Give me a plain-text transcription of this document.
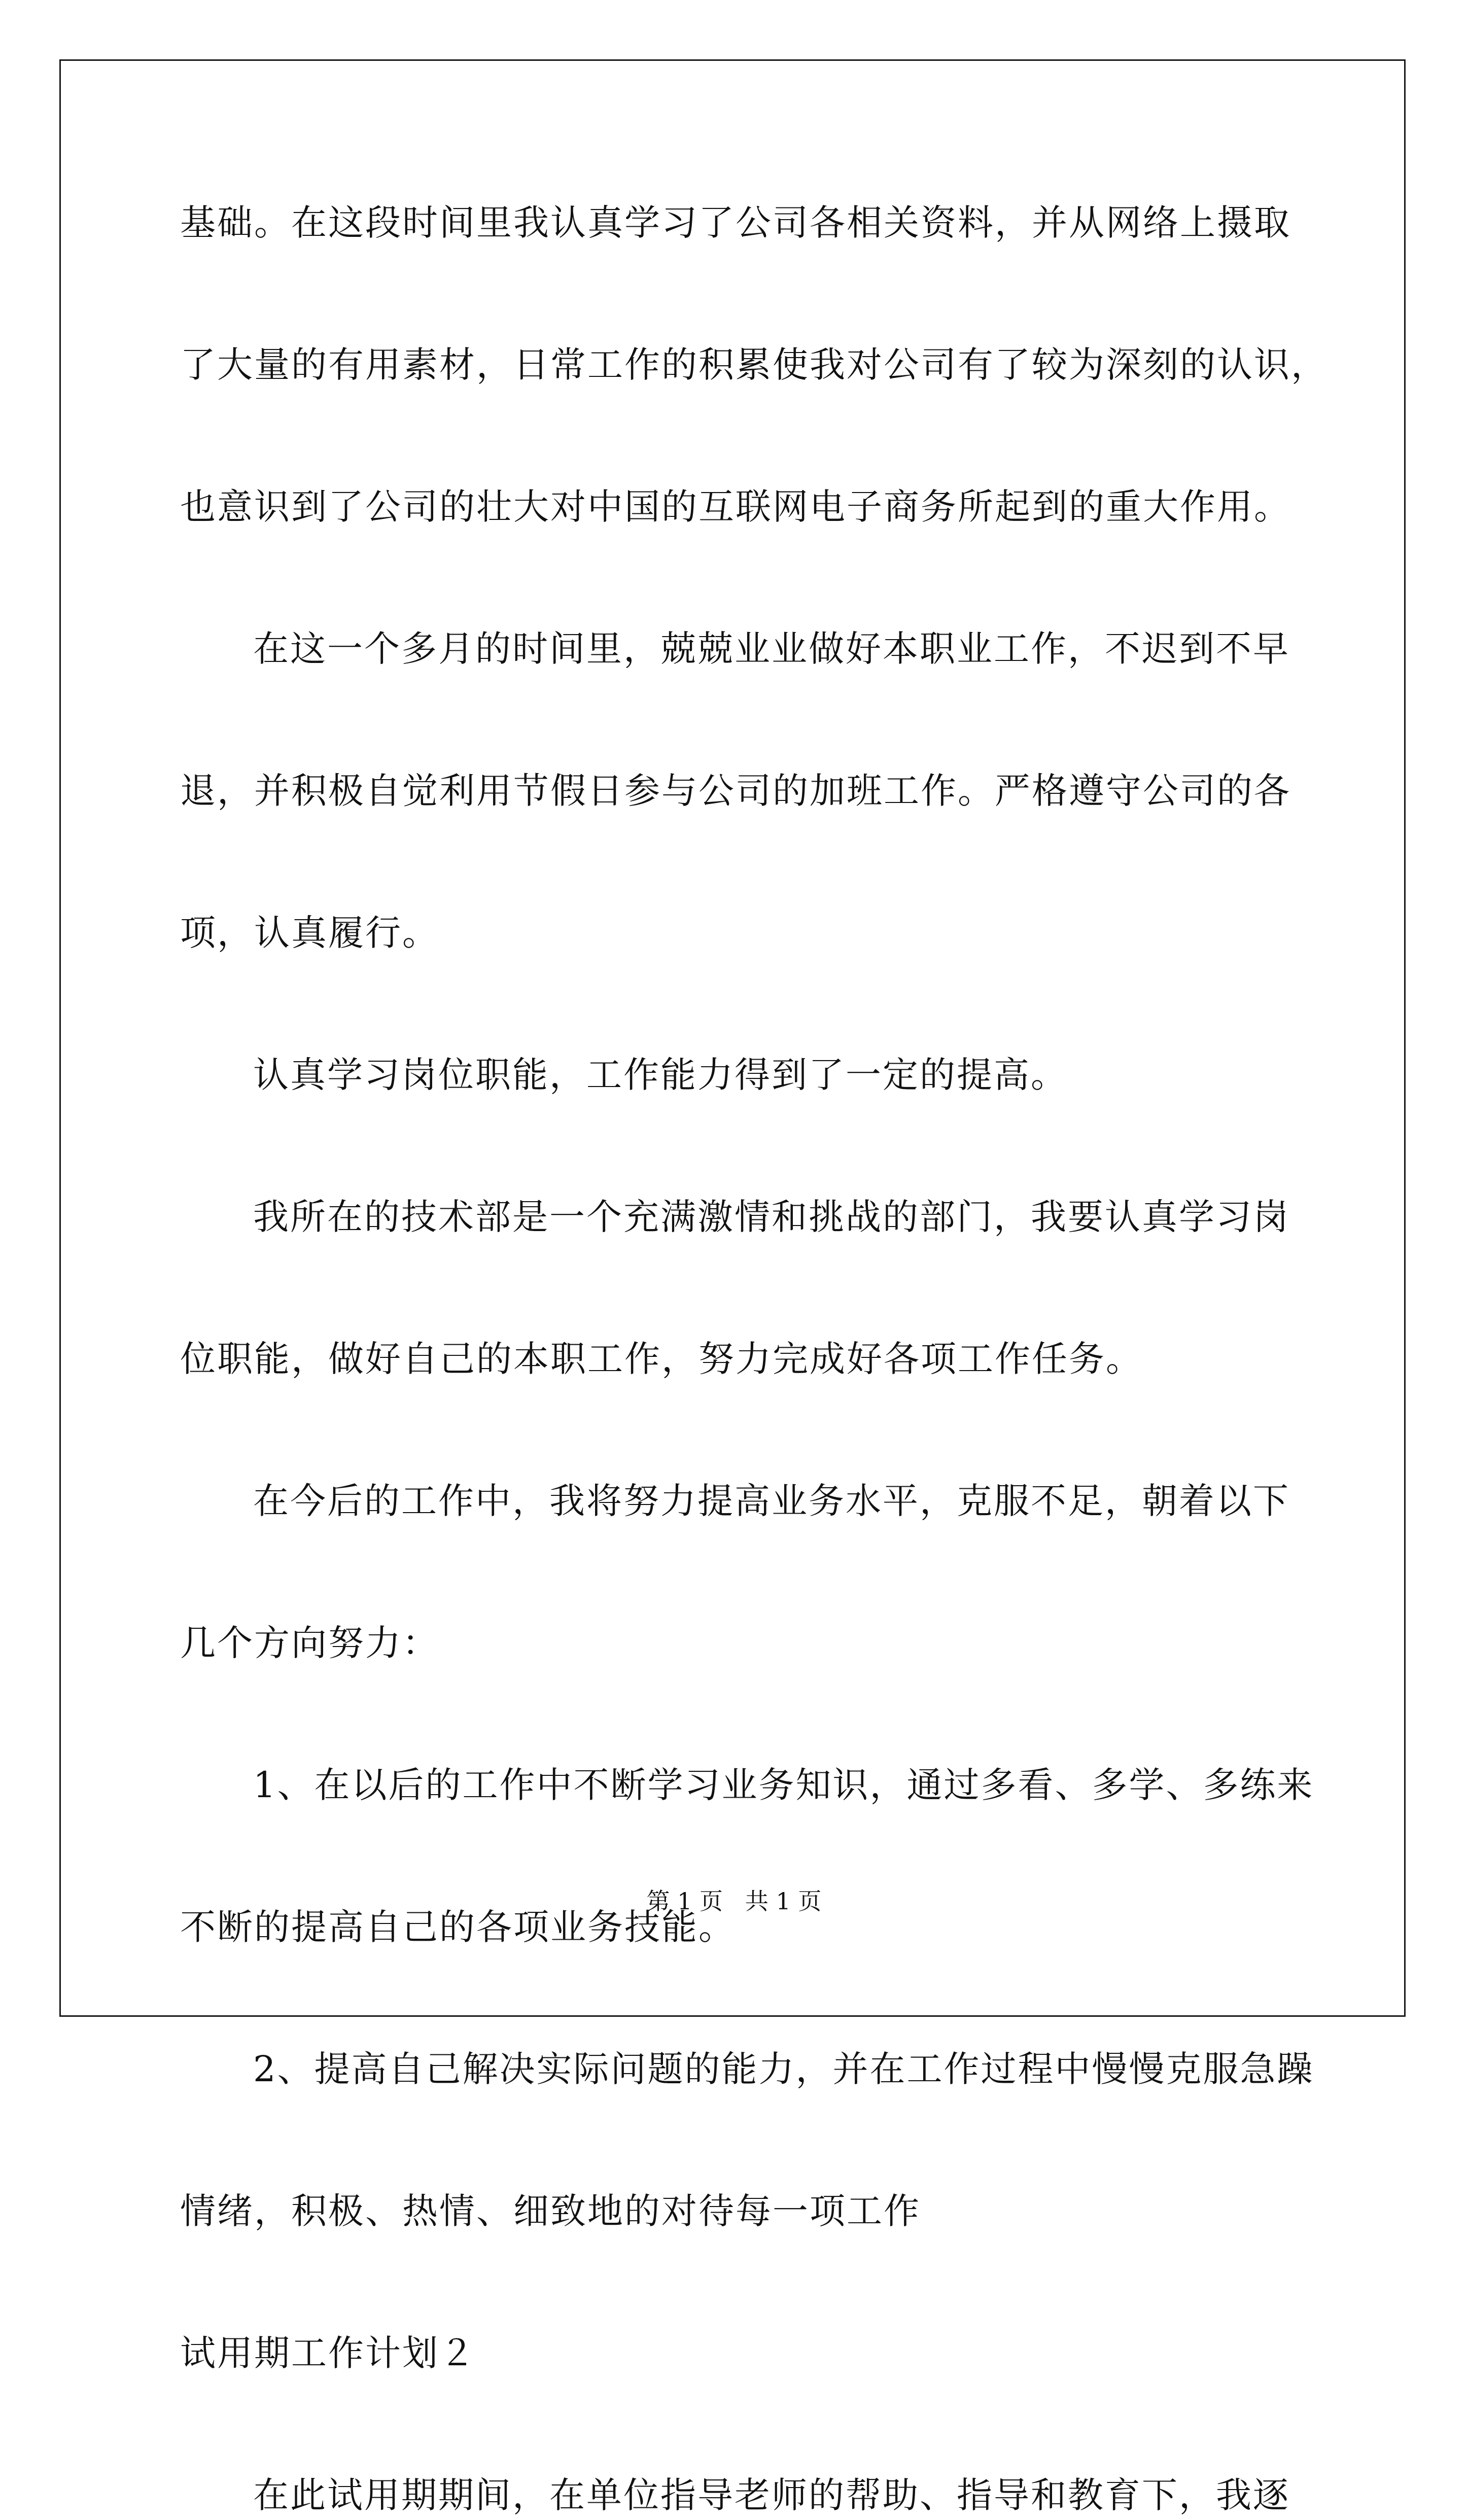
基础。在这段时间里我认真学习了公司各相关资料，并从网络上摄取
了大量的有用素材，日常工作的积累使我对公司有了较为深刻的认识，
也意识到了公司的壮大对中国的互联网电子商务所起到的重大作用。
在这一个多月的时间里，兢兢业业做好本职业工作，不迟到不早
退，并积极自觉利用节假日参与公司的加班工作。严格遵守公司的各
项，认真履行。
认真学习岗位职能，工作能力得到了一定的提高。
我所在的技术部是一个充满激情和挑战的部门，我要认真学习岗
位职能，做好自己的本职工作，努力完成好各项工作任务。
在今后的工作中，我将努力提高业务水平，克服不足，朝着以下
几个方向努力：
1、在以后的工作中不断学习业务知识，通过多看、多学、多练来
不断的提高自己的各项业务技能。
2、提高自己解决实际问题的能力，并在工作过程中慢慢克服急躁
情绪，积极、热情、细致地的对待每一项工作
试用期工作计划２
在此试用期期间，在单位指导老师的帮助、指导和教育下，我逐
第 1 页   共 1 页
